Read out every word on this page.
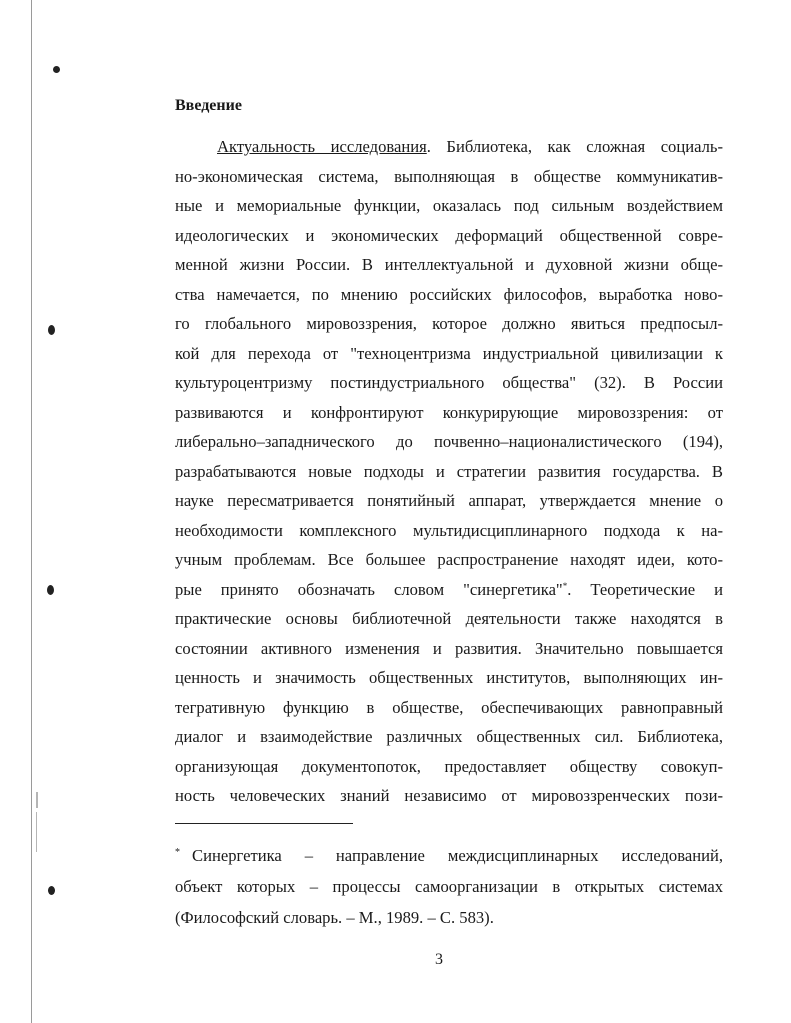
Введение
Актуальность исследования. Библиотека, как сложная социаль-
но-экономическая система, выполняющая в обществе коммуникатив-
ные и мемориальные функции, оказалась под сильным воздействием
идеологических и экономических деформаций общественной совре-
менной жизни России. В интеллектуальной и духовной жизни обще-
ства намечается, по мнению российских философов, выработка ново-
го глобального мировоззрения, которое должно явиться предпосыл-
кой для перехода от "техноцентризма индустриальной цивилизации к
культуроцентризму постиндустриального общества" (32). В России
развиваются и конфронтируют конкурирующие мировоззрения: от
либерально–западнического до почвенно–националистического (194),
разрабатываются новые подходы и стратегии развития государства. В
науке пересматривается понятийный аппарат, утверждается мнение о
необходимости комплексного мультидисциплинарного подхода к на-
учным проблемам. Все большее распространение находят идеи, кото-
рые принято обозначать словом "синергетика"*. Теоретические и
практические основы библиотечной деятельности также находятся в
состоянии активного изменения и развития. Значительно повышается
ценность и значимость общественных институтов, выполняющих ин-
тегративную функцию в обществе, обеспечивающих равноправный
диалог и взаимодействие различных общественных сил. Библиотека,
организующая документопоток, предоставляет обществу совокуп-
ность человеческих знаний независимо от мировоззренческих пози-
* Синергетика – направление междисциплинарных исследований,
объект которых – процессы самоорганизации в открытых системах
(Философский словарь. – М., 1989. – С. 583).

3
